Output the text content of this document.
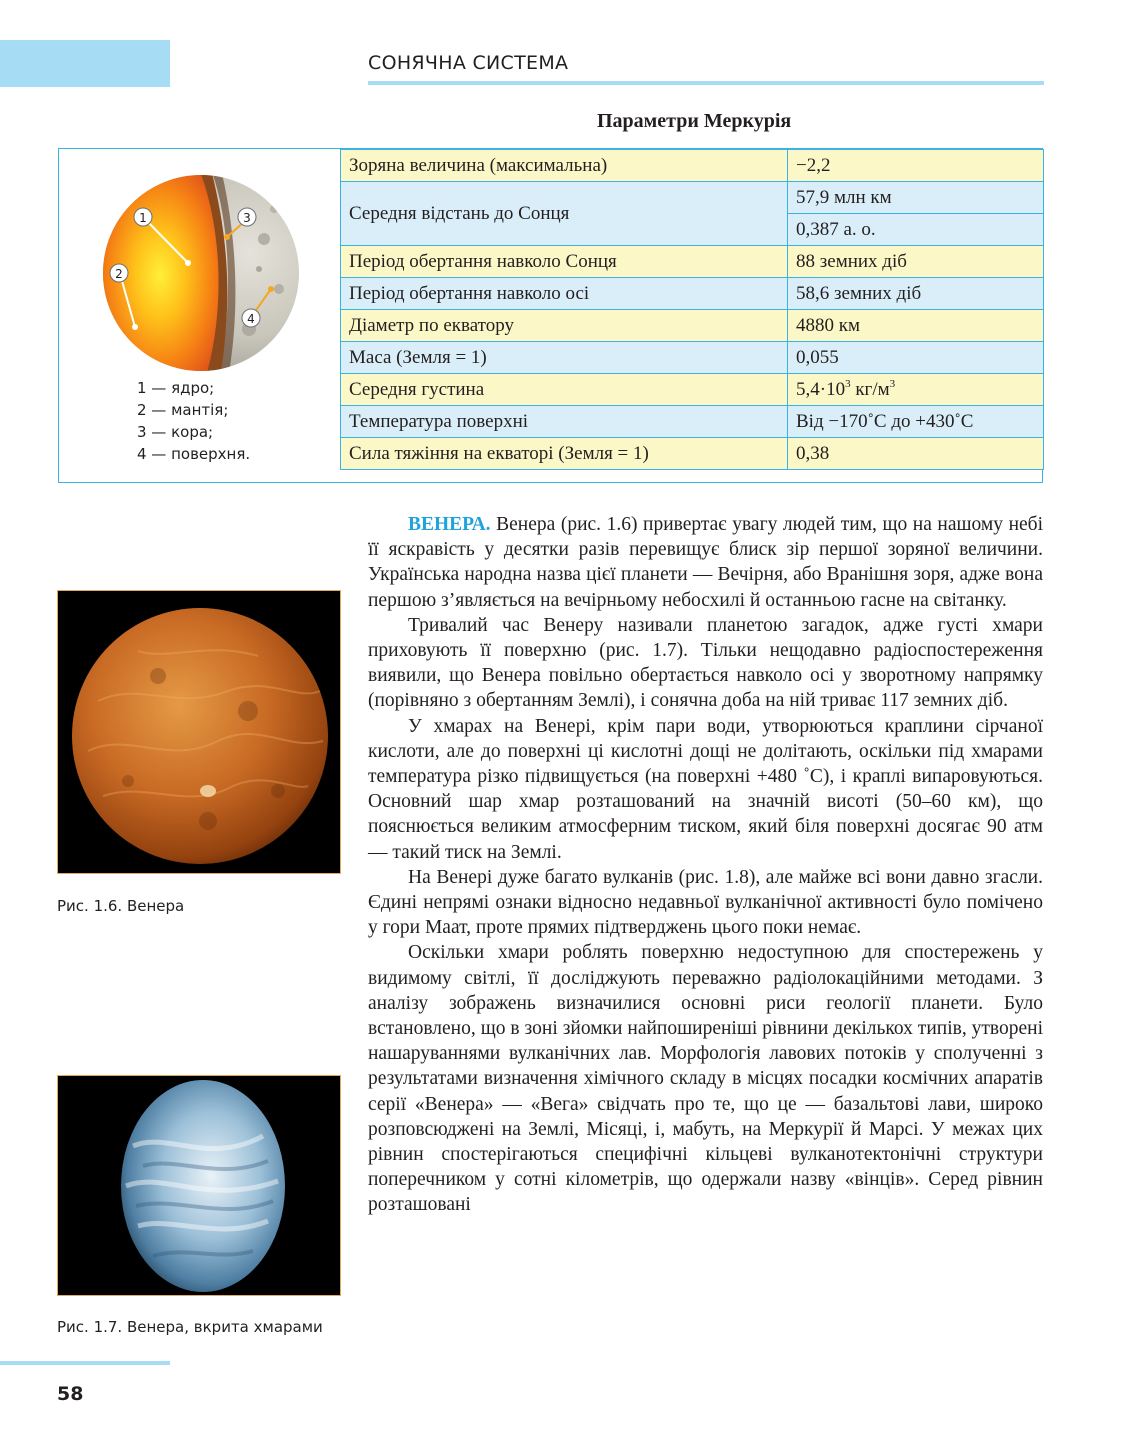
СОНЯЧНА СИСТЕМА
Параметри Меркурія
1
2
3
4
1 — ядро;
2 — мантія;
3 — кора;
4 — поверхня.
Зоряна величина (максимальна)	−2,2
Середня відстань до Сонця	57,9 млн км
	0,387 а. о.
Період обертання навколо Сонця	88 земних діб
Період обертання навколо осі	58,6 земних діб
Діаметр по екватору	4880 км
Маса (Земля = 1)	0,055
Середня густина	$5,4\cdot 10^3$ $кг/м^3$
Температура поверхні	Від −170˚С до +430˚С
Сила тяжіння на екваторі (Земля = 1)	0,38
Рис. 1.6. Венера
Рис. 1.7. Венера, вкрита хмарами

ВЕНЕРА. Венера (рис. 1.6) привертає увагу людей тим, що на нашому небі її яскравість у десятки разів перевищує блиск зір першої зоряної величини. Українська народна назва цієї планети — Вечірня, або Вранішня зоря, адже вона першою з’являється на вечірньому небосхилі й останньою гасне на світанку.

Тривалий час Венеру називали планетою загадок, адже густі хмари приховують її поверхню (рис. 1.7). Тільки нещодавно радіоспостереження виявили, що Венера повільно обертається навколо осі у зворотному напрямку (порівняно з обертанням Землі), і сонячна доба на ній триває 117 земних діб.

У хмарах на Венері, крім пари води, утворюються краплини сірчаної кислоти, але до поверхні ці кислотні дощі не долітають, оскільки під хмарами температура різко підвищується (на поверхні +480 ˚С), і краплі випаровуються. Основний шар хмар розташований на значній висоті (50–60 км), що пояснюється великим атмосферним тиском, який біля поверхні досягає 90 атм — такий тиск на Землі.

На Венері дуже багато вулканів (рис. 1.8), але майже всі вони давно згасли. Єдині непрямі ознаки відносно недавньої вулканічної активності було помічено у гори Маат, проте прямих підтверджень цього поки немає.

Оскільки хмари роблять поверхню недоступною для спостережень у видимому світлі, її досліджують переважно радіолокаційними методами. З аналізу зображень визначилися основні риси геології планети. Було встановлено, що в зоні зйомки найпоширеніші рівнини декількох типів, утворені нашаруваннями вулканічних лав. Морфологія лавових потоків у сполученні з результатами визначення хімічного складу в місцях посадки космічних апаратів серії «Венера» — «Вега» свідчать про те, що це — базальтові лави, широко розповсюджені на Землі, Місяці, і, мабуть, на Меркурії й Марсі. У межах цих рівнин спостерігаються специфічні кільцеві вулканотектонічні структури поперечником у сотні кілометрів, що одержали назву «вінців». Серед рівнин розташовані

58
